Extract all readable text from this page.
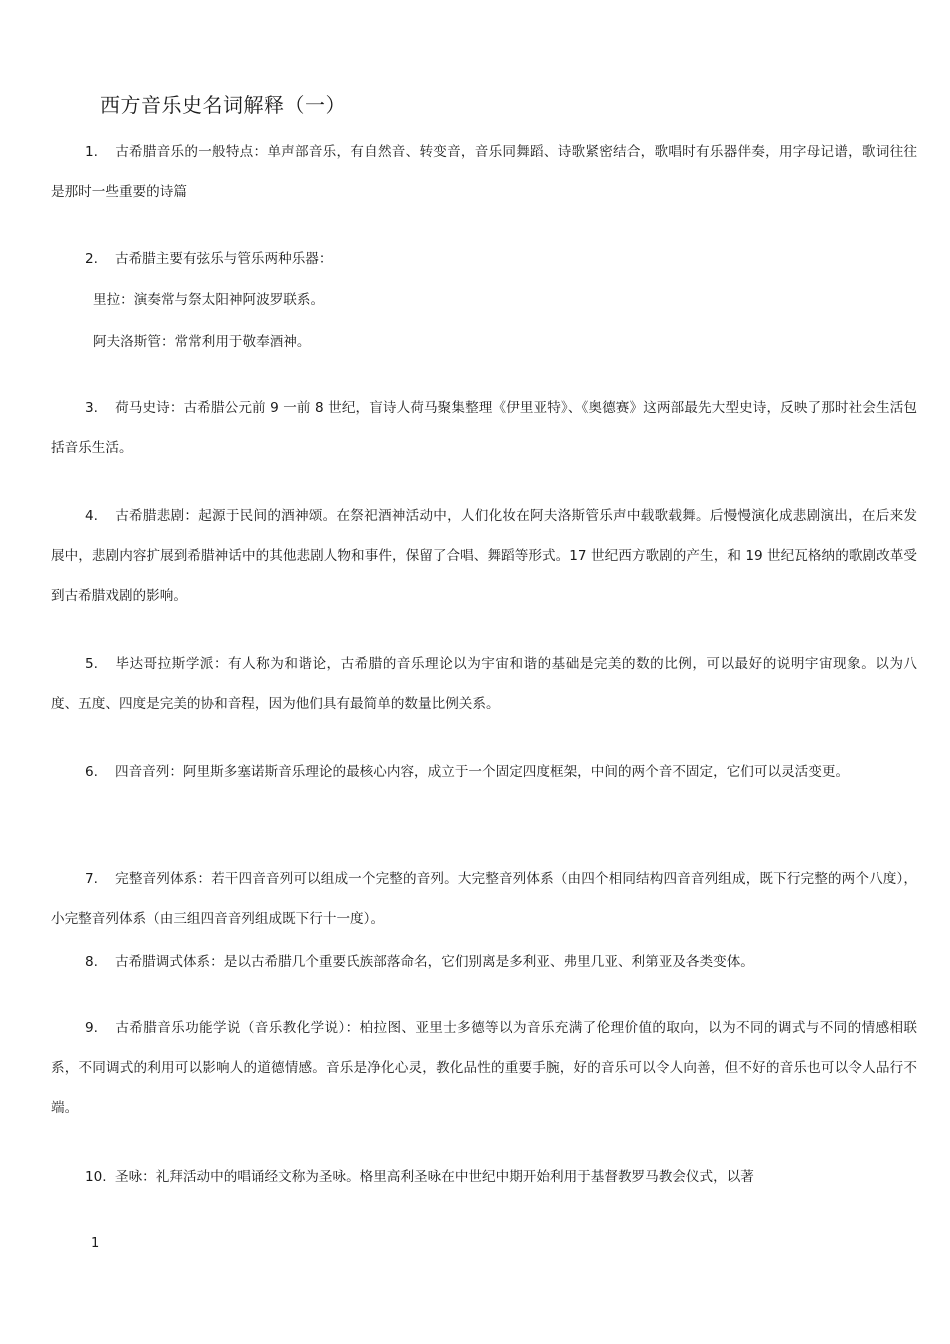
西方音乐史名词解释（一）
1. 古希腊音乐的一般特点：单声部音乐，有自然音、转变音，音乐同舞蹈、诗歌紧密结合，歌唱时有乐器伴奏，用字母记谱，歌词往往是那时一些重要的诗篇
2. 古希腊主要有弦乐与管乐两种乐器：
里拉：演奏常与祭太阳神阿波罗联系。
阿夫洛斯管：常常利用于敬奉酒神。
3. 荷马史诗：古希腊公元前 9 一前 8 世纪，盲诗人荷马聚集整理《伊里亚特》、《奥德赛》这两部最先大型史诗，反映了那时社会生活包括音乐生活。
4. 古希腊悲剧：起源于民间的酒神颂。在祭祀酒神活动中，人们化妆在阿夫洛斯管乐声中载歌载舞。后慢慢演化成悲剧演出，在后来发展中，悲剧内容扩展到希腊神话中的其他悲剧人物和事件，保留了合唱、舞蹈等形式。17 世纪西方歌剧的产生，和 19 世纪瓦格纳的歌剧改革受到古希腊戏剧的影响。
5. 毕达哥拉斯学派：有人称为和谐论，古希腊的音乐理论以为宇宙和谐的基础是完美的数的比例，可以最好的说明宇宙现象。以为八度、五度、四度是完美的协和音程，因为他们具有最简单的数量比例关系。
6. 四音音列：阿里斯多塞诺斯音乐理论的最核心内容，成立于一个固定四度框架，中间的两个音不固定，它们可以灵活变更。
7. 完整音列体系：若干四音音列可以组成一个完整的音列。大完整音列体系（由四个相同结构四音音列组成，既下行完整的两个八度），小完整音列体系（由三组四音音列组成既下行十一度）。
8. 古希腊调式体系：是以古希腊几个重要氏族部落命名，它们别离是多利亚、弗里几亚、利第亚及各类变体。
9. 古希腊音乐功能学说（音乐教化学说）：柏拉图、亚里士多德等以为音乐充满了伦理价值的取向，以为不同的调式与不同的情感相联系，不同调式的利用可以影响人的道德情感。音乐是净化心灵，教化品性的重要手腕，好的音乐可以令人向善，但不好的音乐也可以令人品行不端。
10. 圣咏：礼拜活动中的唱诵经文称为圣咏。格里高利圣咏在中世纪中期开始利用于基督教罗马教会仪式，以著
1
